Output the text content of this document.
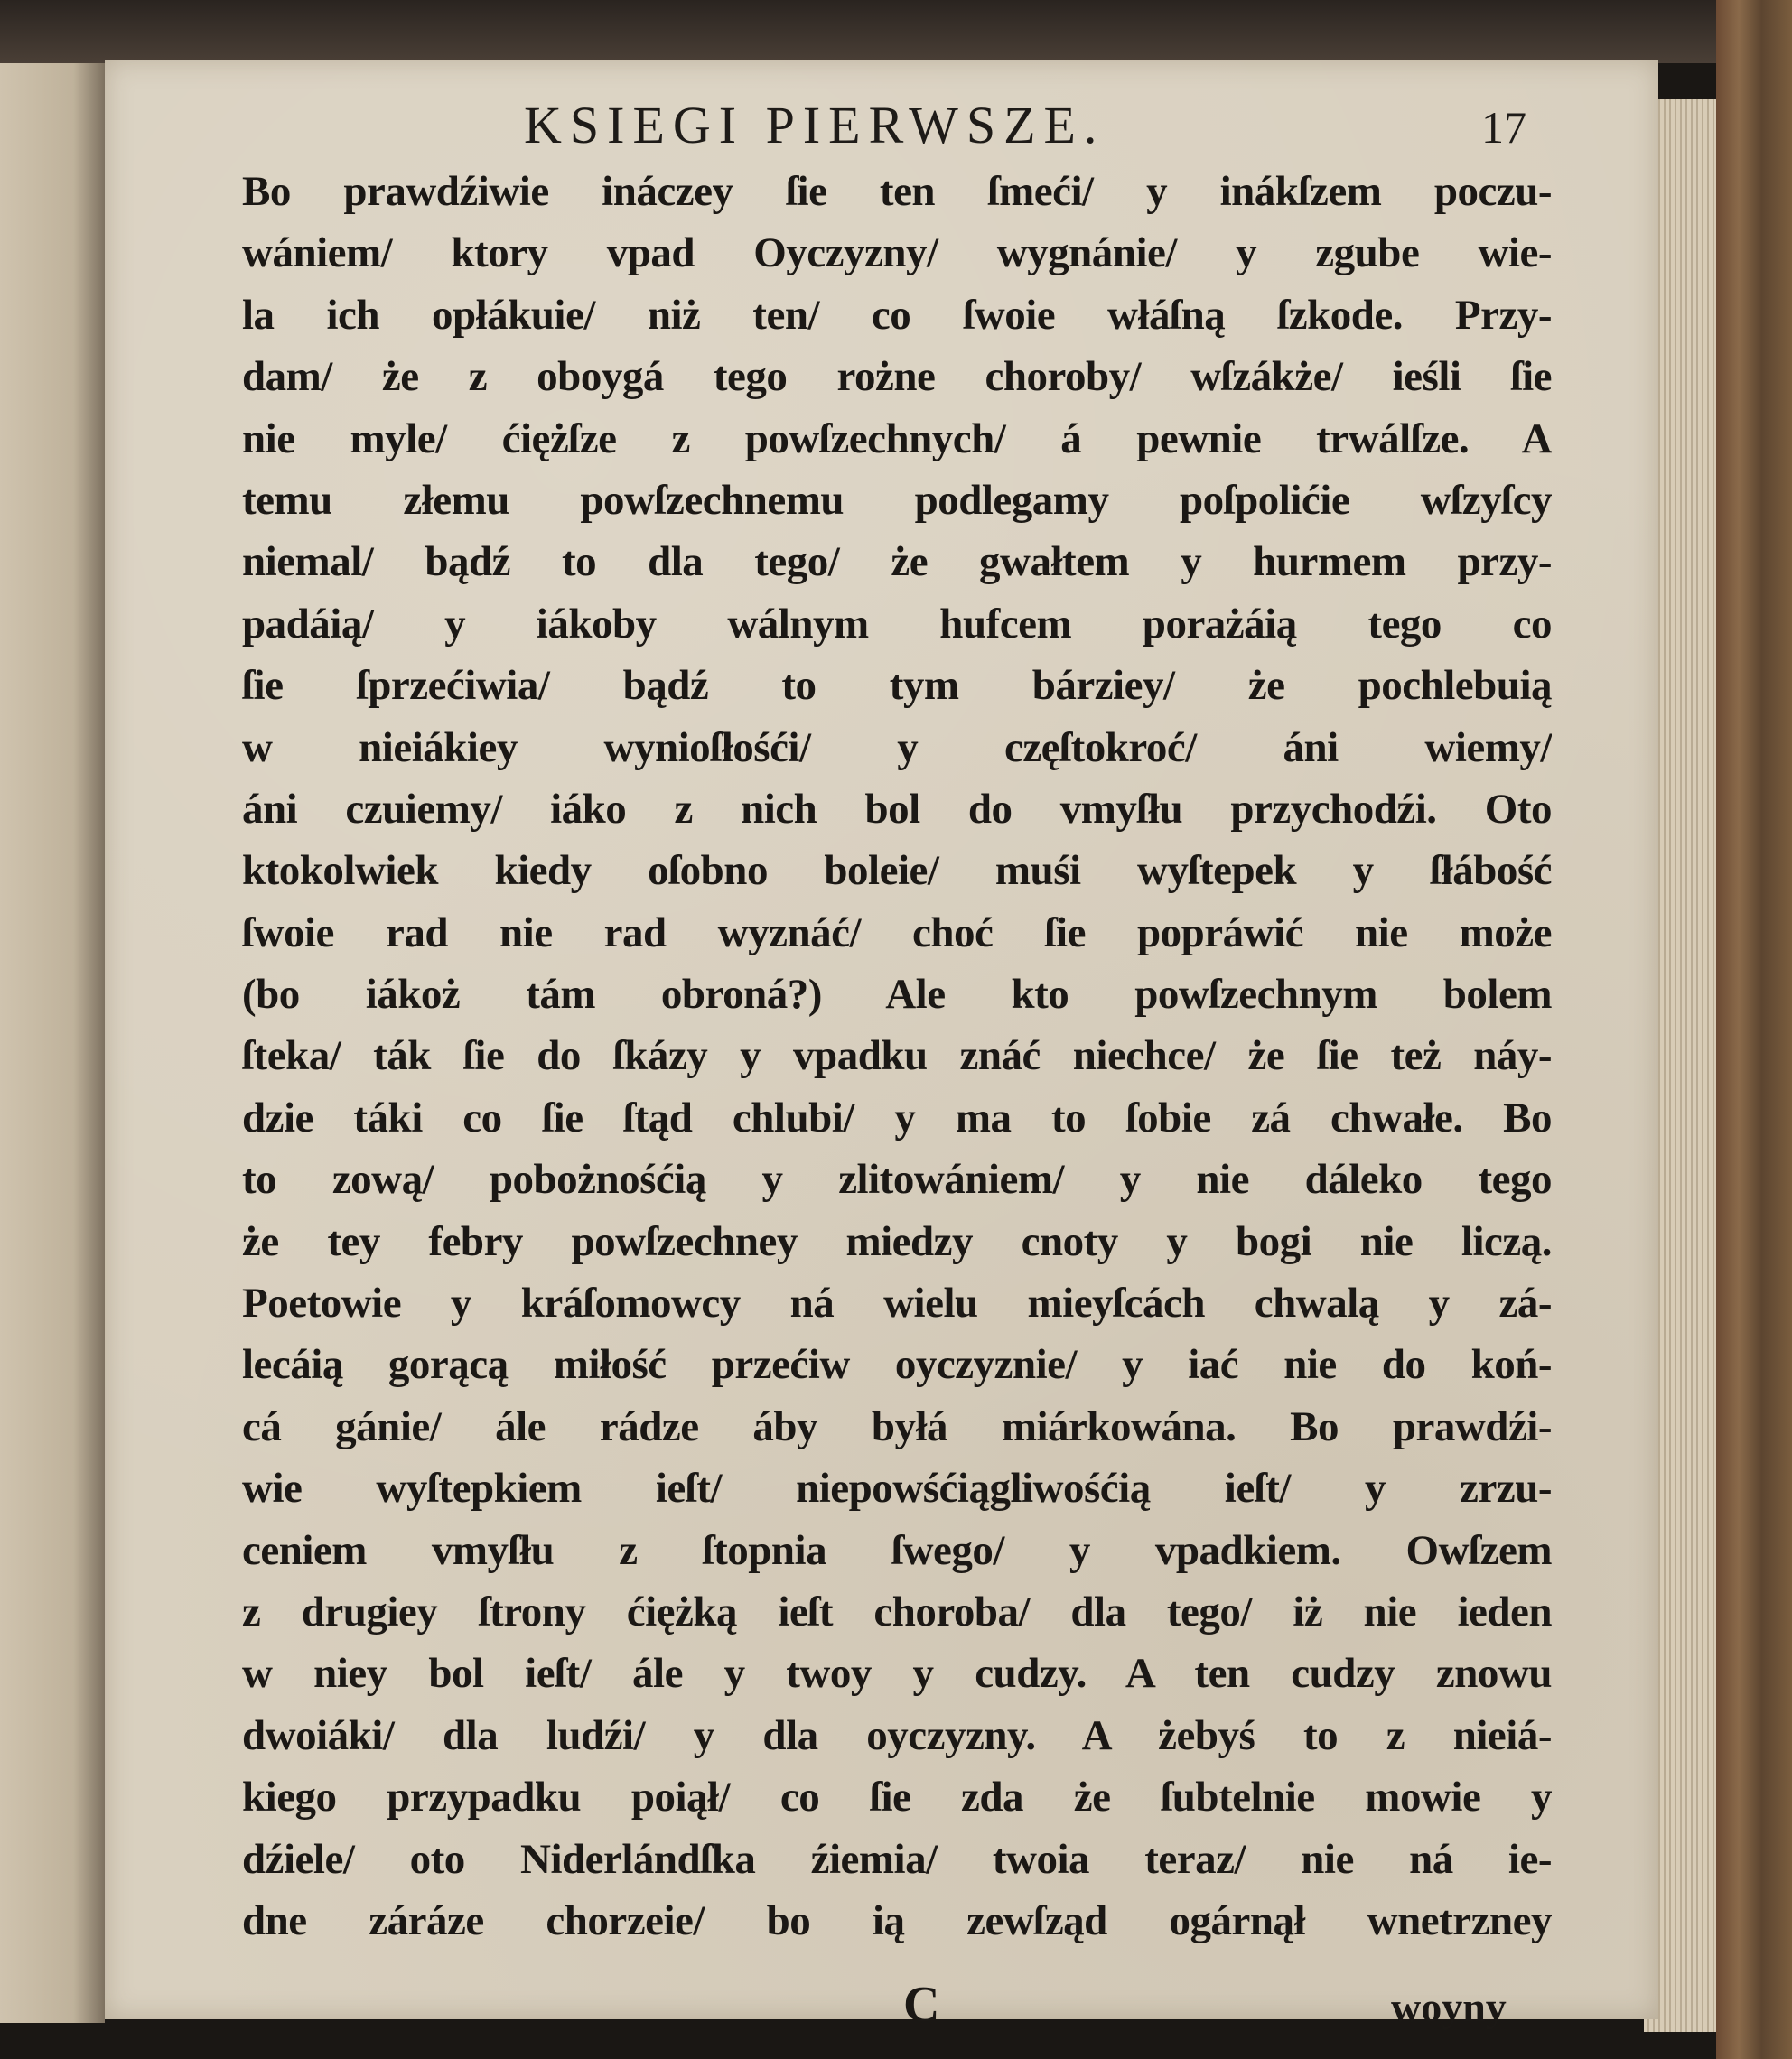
KSIEGI PIERWSZE.	17
Bo prawdźiwie ináczey ſie ten ſmeći/ y inákſzem poczu-
wániem/ ktory vpad Oyczyzny/ wygnánie/ y zgube wie-
la ich opłákuie/ niż ten/ co ſwoie włáſną ſzkode. Przy-
dam/ że z oboygá tego rożne choroby/ wſzákże/ ieśli ſie
nie myle/ ćiężſze z powſzechnych/ á pewnie trwálſze. A
temu złemu powſzechnemu podlegamy poſpolićie wſzyſcy
niemal/ bądź to dla tego/ że gwałtem y hurmem przy-
padáią/ y iákoby wálnym hufcem porażáią tego co
ſie ſprzećiwia/ bądź to tym bárziey/ że pochlebuią
w nieiákiey wynioſłośći/ y częſtokroć/ áni wiemy/
áni czuiemy/ iáko z nich bol do vmyſłu przychodźi. Oto
ktokolwiek kiedy oſobno boleie/ muśi wyſtepek y ſłábość
ſwoie rad nie rad wyznáć/ choć ſie popráwić nie może
(bo iákoż tám obroná?) Ale kto powſzechnym bolem
ſteka/ ták ſie do ſkázy y vpadku znáć niechce/ że ſie też náy-
dzie táki co ſie ſtąd chlubi/ y ma to ſobie zá chwałe. Bo
to zową/ pobożnośćią y zlitowániem/ y nie dáleko tego
że tey febry powſzechney miedzy cnoty y bogi nie liczą.
Poetowie y kráſomowcy ná wielu mieyſcách chwalą y zá-
lecáią gorącą miłość przećiw oyczyznie/ y iać nie do koń-
cá gánie/ ále rádze áby byłá miárkowána. Bo prawdźi-
wie wyſtepkiem ieſt/ niepowśćiągliwośćią ieſt/ y zrzu-
ceniem vmyſłu z ſtopnia ſwego/ y vpadkiem. Owſzem
z drugiey ſtrony ćiężką ieſt choroba/ dla tego/ iż nie ieden
w niey bol ieſt/ ále y twoy y cudzy. A ten cudzy znowu
dwoiáki/ dla ludźi/ y dla oyczyzny. A żebyś to z nieiá-
kiego przypadku poiął/ co ſie zda że ſubtelnie mowie y
dźiele/ oto Niderlándſka źiemia/ twoia teraz/ nie ná ie-
dne záráze chorzeie/ bo ią zewſząd ogárnął wnetrzney
C	woyny
